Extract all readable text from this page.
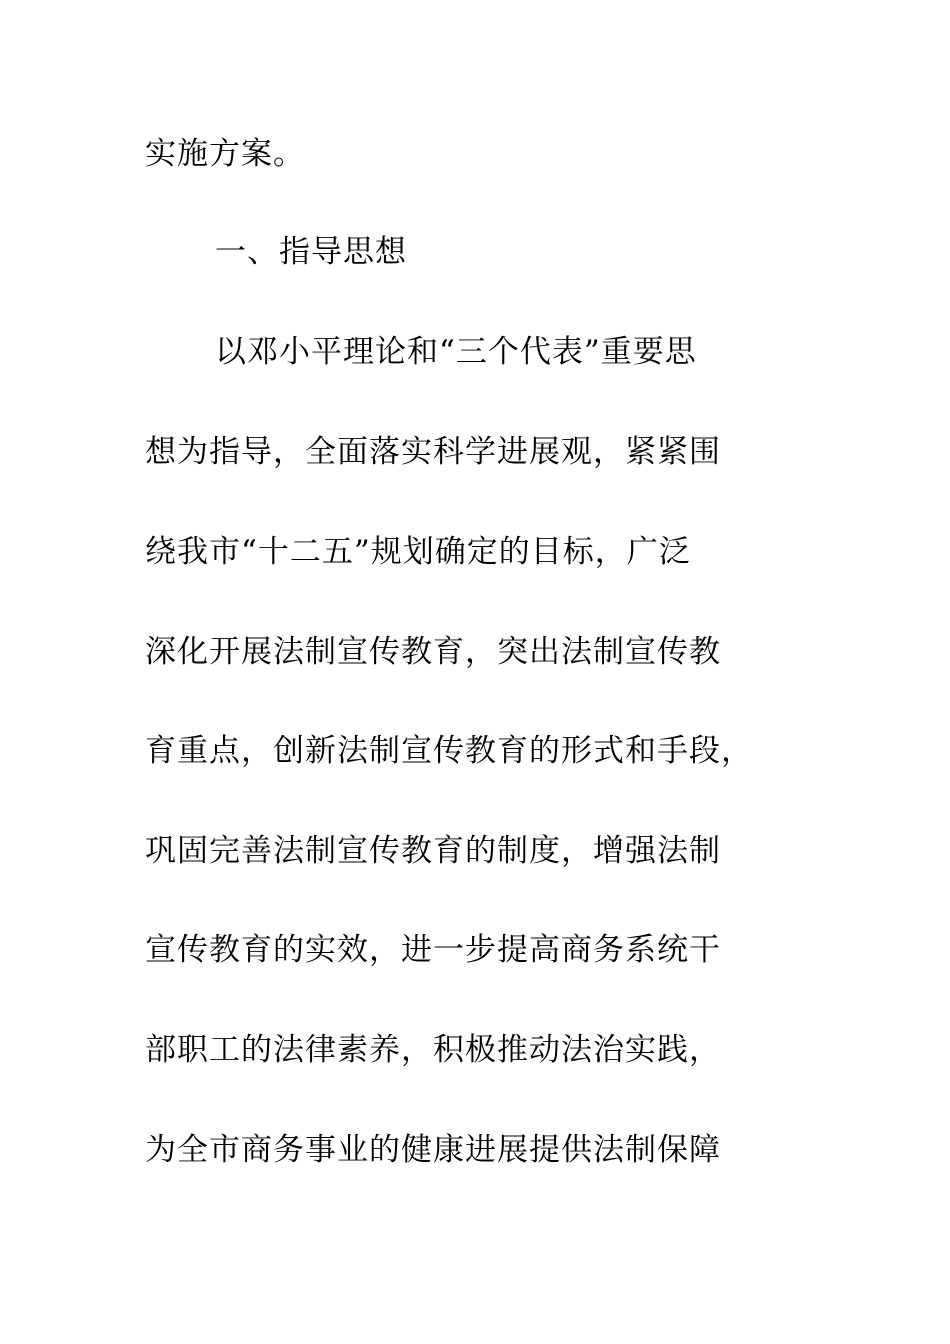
实施方案。
一、指导思想
以邓小平理论和“三个代表”重要思
想为指导，全面落实科学进展观，紧紧围
绕我市“十二五”规划确定的目标，广泛
深化开展法制宣传教育，突出法制宣传教
育重点，创新法制宣传教育的形式和手段，
巩固完善法制宣传教育的制度，增强法制
宣传教育的实效，进一步提高商务系统干
部职工的法律素养，积极推动法治实践，
为全市商务事业的健康进展提供法制保障
